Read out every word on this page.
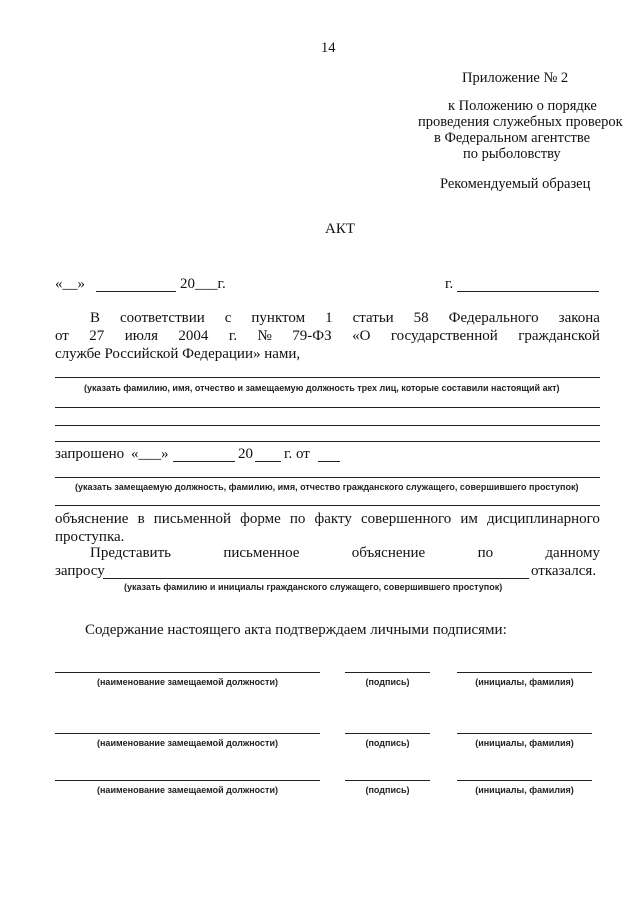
14
Приложение № 2
к Положению о порядке
проведения служебных проверок
в Федеральном агентстве
по рыболовству
Рекомендуемый образец
АКТ
«__»	20___г.	г.
В соответствии с пунктом 1 статьи 58 Федерального закона
от 27 июля 2004 г. № 79-ФЗ «О государственной гражданской
службе Российской Федерации» нами,
(указать фамилию, имя, отчество и замещаемую должность трех лиц, которые составили настоящий акт)
запрошено «___»	20 г. от
(указать замещаемую должность, фамилию, имя, отчество гражданского служащего, совершившего проступок)
объяснение в письменной форме по факту совершенного им дисциплинарного
проступка.
Представить	письменное	объяснение	по	данному
запросу	отказался.
(указать фамилию и инициалы гражданского служащего, совершившего проступок)
Содержание настоящего акта подтверждаем личными подписями:
(наименование замещаемой должности)	(подпись)	(инициалы, фамилия)
(наименование замещаемой должности)	(подпись)	(инициалы, фамилия)
(наименование замещаемой должности)	(подпись)	(инициалы, фамилия)
